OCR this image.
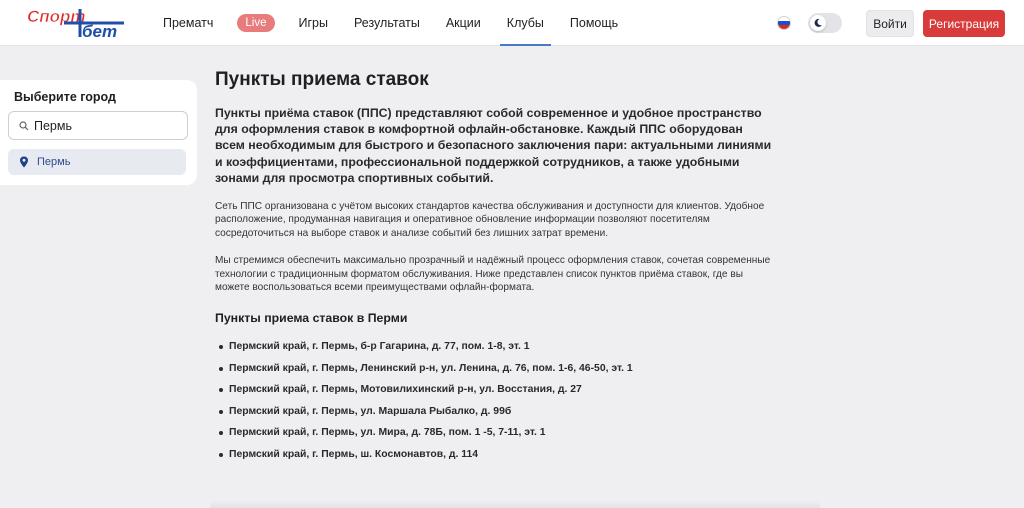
Спорт
бет	Прематч	Live	Игры Результаты Акции Клубы Помощь	Войти	Регистрация
Выберите город
Пермь
Пермь
Пункты приема ставок

Пункты приёма ставок (ППС) представляют собой современное и удобное пространство для оформления ставок в комфортной офлайн-обстановке. Каждый ППС оборудован всем необходимым для быстрого и безопасного заключения пари: актуальными линиями и коэффициентами, профессиональной поддержкой сотрудников, а также удобными зонами для просмотра спортивных событий.

Сеть ППС организована с учётом высоких стандартов качества обслуживания и доступности для клиентов. Удобное расположение, продуманная навигация и оперативное обновление информации позволяют посетителям сосредоточиться на выборе ставок и анализе событий без лишних затрат времени.

Мы стремимся обеспечить максимально прозрачный и надёжный процесс оформления ставок, сочетая современные технологии с традиционным форматом обслуживания. Ниже представлен список пунктов приёма ставок, где вы можете воспользоваться всеми преимуществами офлайн-формата.

Пункты приема ставок в Перми
Пермский край, г. Пермь, б-р Гагарина, д. 77, пом. 1-8, эт. 1
Пермский край, г. Пермь, Ленинский р-н, ул. Ленина, д. 76, пом. 1-6, 46-50, эт. 1
Пермский край, г. Пермь, Мотовилихинский р-н, ул. Восстания, д. 27
Пермский край, г. Пермь, ул. Маршала Рыбалко, д. 99б
Пермский край, г. Пермь, ул. Мира, д. 78Б, пом. 1 -5, 7-11, эт. 1
Пермский край, г. Пермь, ш. Космонавтов, д. 114
